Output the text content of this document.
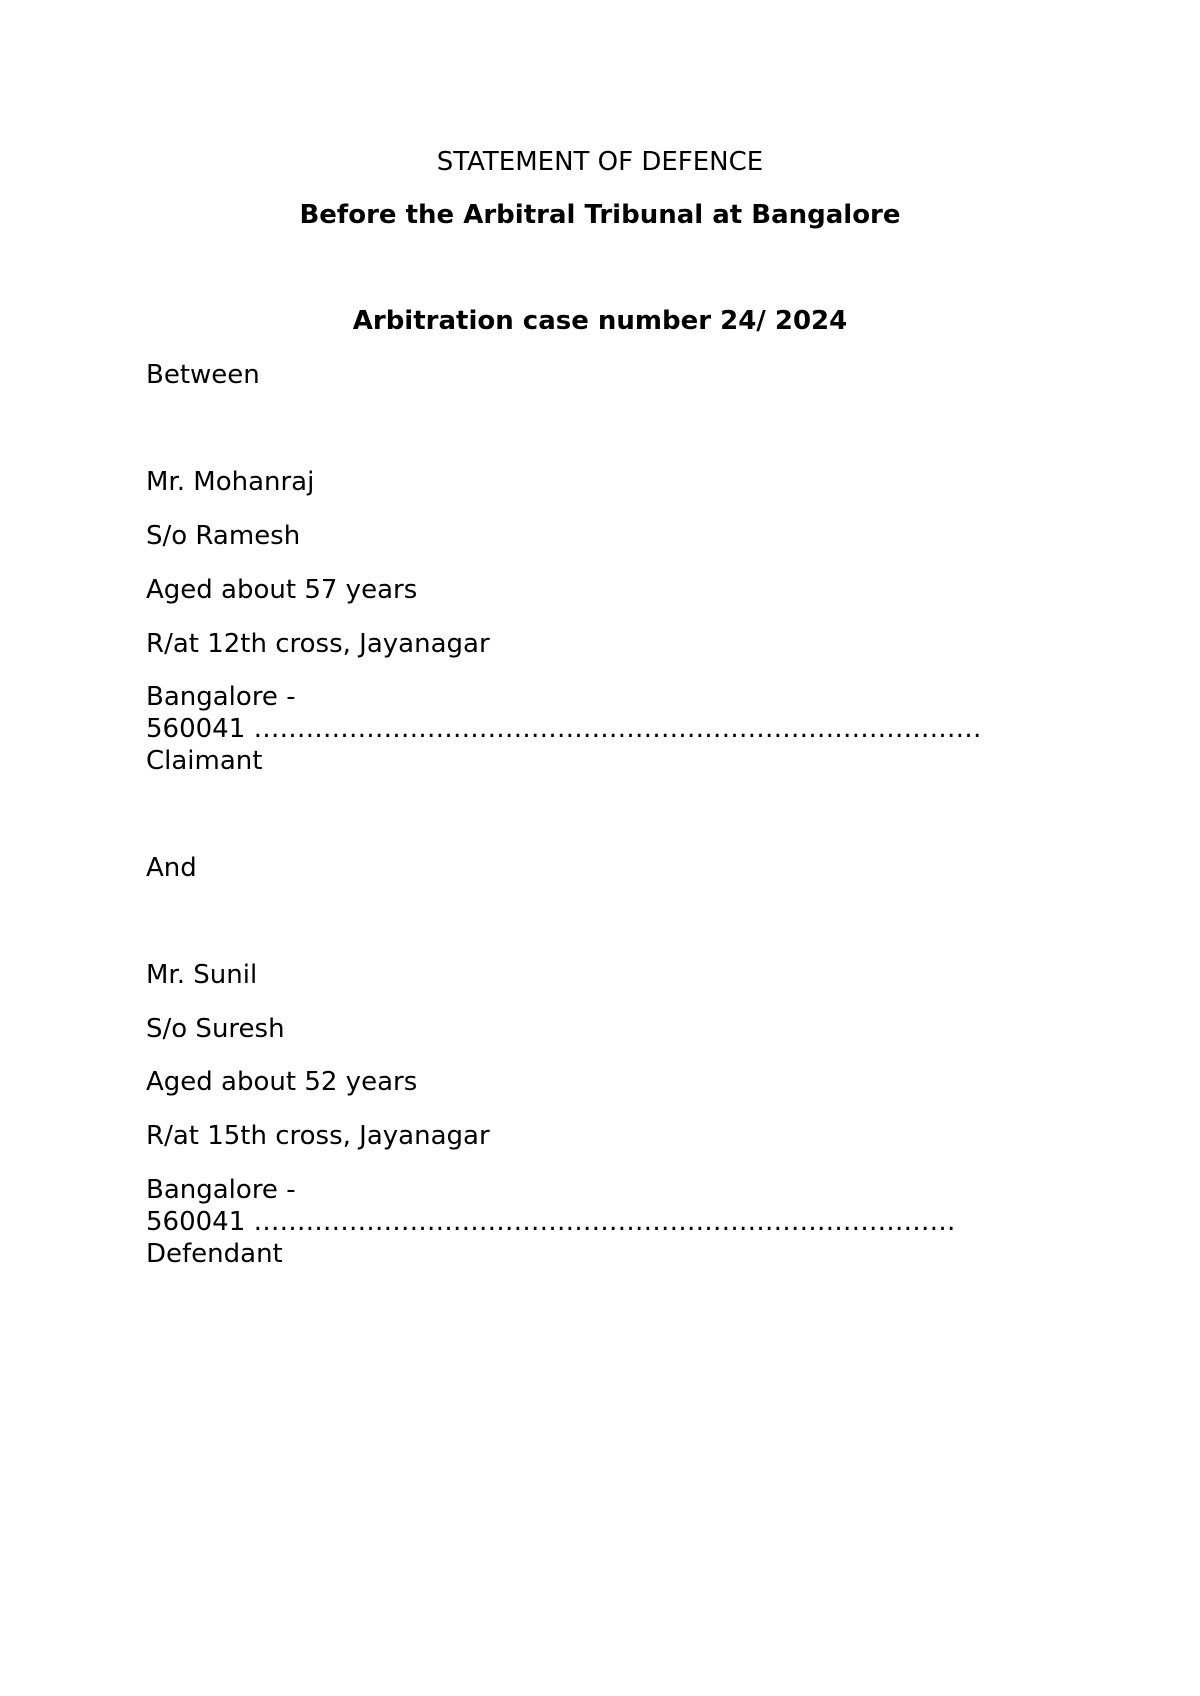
STATEMENT OF DEFENCE
Before the Arbitral Tribunal at Bangalore
Arbitration case number 24/ 2024
Between
Mr. Mohanraj
S/o Ramesh
Aged about 57 years
R/at 12th cross, Jayanagar
Bangalore -
560041 …………………………………………………………………………
Claimant
And
Mr. Sunil
S/o Suresh
Aged about 52 years
R/at 15th cross, Jayanagar
Bangalore -
560041 ………………………………………………………………………
Defendant
